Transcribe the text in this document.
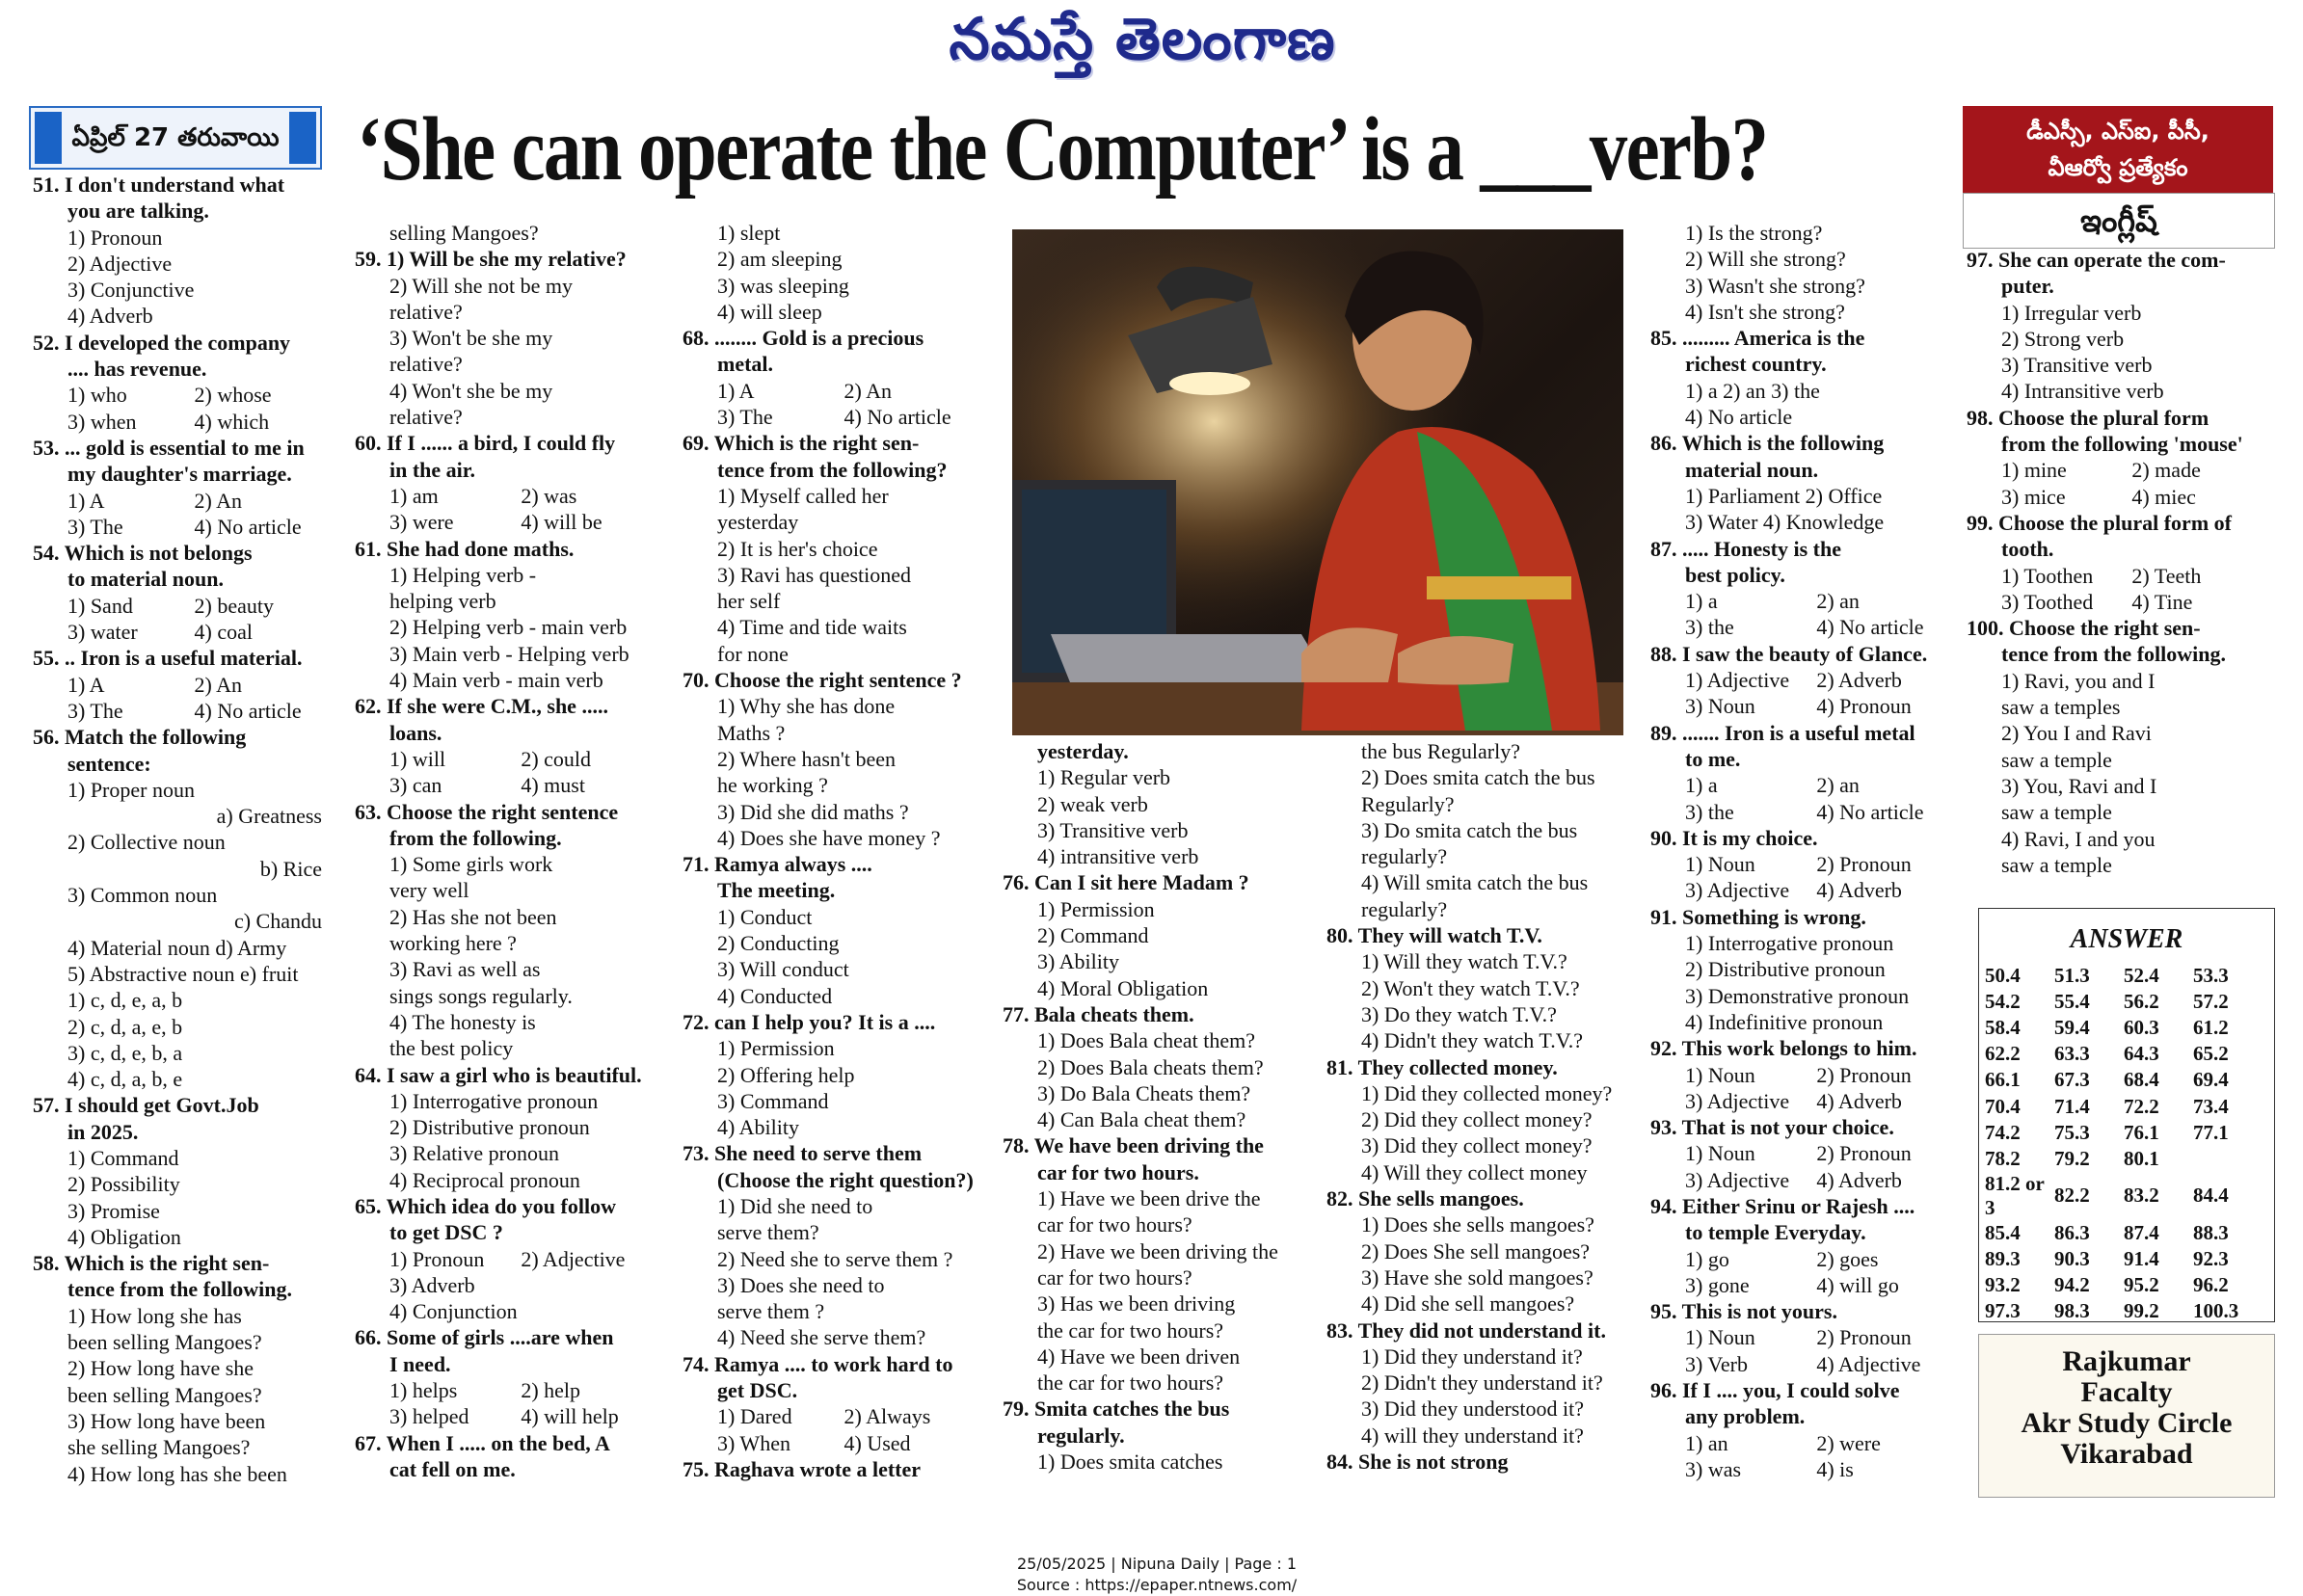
నమస్తే తెలంగాణ
ఏప్రిల్ 27 తరువాయి ‘She can operate the Computer’ is a ___verb?	డీఎస్సీ, ఎస్ఐ, పీసీ,
వీఆర్వో ప్రత్యేకం
ఇంగ్లీష్

51. I don't understand what

you are talking.

1) Pronoun

2) Adjective

3) Conjunctive

4) Adverb

52. I developed the company

.... has revenue.

1) who	2) whose

3) when	4) which

53. ... gold is essential to me in

my daughter's marriage.

1) A	2) An

3) The	4) No article

54. Which is not belongs

to material noun.

1) Sand	2) beauty

3) water	4) coal

55. .. Iron is a useful material.

1) A	2) An

3) The	4) No article

56. Match the following

sentence:

1) Proper noun

a) Greatness

2) Collective noun

b) Rice

3) Common noun

c) Chandu

4) Material noun d) Army

5) Abstractive noun e) fruit

1) c, d, e, a, b

2) c, d, a, e, b

3) c, d, e, b, a

4) c, d, a, b, e

57. I should get Govt.Job

in 2025.

1) Command

2) Possibility

3) Promise

4) Obligation

58. Which is the right sen-

tence from the following.

1) How long she has

been selling Mangoes?

2) How long have she

been selling Mangoes?

3) How long have been

she selling Mangoes?

4) How long has she been

selling Mangoes?

59. 1) Will be she my relative?

2) Will she not be my

relative?

3) Won't be she my

relative?

4) Won't she be my

relative?

60. If I ...... a bird, I could fly

in the air.

1) am	2) was

3) were	4) will be

61. She had done maths.

1) Helping verb -

helping verb

2) Helping verb - main verb

3) Main verb - Helping verb

4) Main verb - main verb

62. If she were C.M., she .....

loans.

1) will	2) could

3) can	4) must

63. Choose the right sentence

from the following.

1) Some girls work

very well

2) Has she not been

working here ?

3) Ravi as well as

sings songs regularly.

4) The honesty is

the best policy

64. I saw a girl who is beautiful.

1) Interrogative pronoun

2) Distributive pronoun

3) Relative pronoun

4) Reciprocal pronoun

65. Which idea do you follow

to get DSC ?

1) Pronoun	2) Adjective

3) Adverb

4) Conjunction

66. Some of girls ....are when

I need.

1) helps	2) help

3) helped	4) will help

67. When I ..... on the bed, A

cat fell on me.

1) slept

2) am sleeping

3) was sleeping

4) will sleep

68. ........ Gold is a precious

metal.

1) A	2) An

3) The	4) No article

69. Which is the right sen-

tence from the following?

1) Myself called her

yesterday

2) It is her's choice

3) Ravi has questioned

her self

4) Time and tide waits

for none

70. Choose the right sentence ?

1) Why she has done

Maths ?

2) Where hasn't been

he working ?

3) Did she did maths ?

4) Does she have money ?

71. Ramya always ....

The meeting.

1) Conduct

2) Conducting

3) Will conduct

4) Conducted

72. can I help you? It is a ....

1) Permission

2) Offering help

3) Command

4) Ability

73. She need to serve them

(Choose the right question?)

1) Did she need to

serve them?

2) Need she to serve them ?

3) Does she need to

serve them ?

4) Need she serve them?

74. Ramya .... to work hard to

get DSC.

1) Dared	2) Always

3) When	4) Used

75. Raghava wrote a letter

yesterday.

1) Regular verb

2) weak verb

3) Transitive verb

4) intransitive verb

76. Can I sit here Madam ?

1) Permission

2) Command

3) Ability

4) Moral Obligation

77. Bala cheats them.

1) Does Bala cheat them?

2) Does Bala cheats them?

3) Do Bala Cheats them?

4) Can Bala cheat them?

78. We have been driving the

car for two hours.

1) Have we been drive the

car for two hours?

2) Have we been driving the

car for two hours?

3) Has we been driving

the car for two hours?

4) Have we been driven

the car for two hours?

79. Smita catches the bus

regularly.

1) Does smita catches

the bus Regularly?

2) Does smita catch the bus

Regularly?

3) Do smita catch the bus

regularly?

4) Will smita catch the bus

regularly?

80. They will watch T.V.

1) Will they watch T.V.?

2) Won't they watch T.V.?

3) Do they watch T.V.?

4) Didn't they watch T.V.?

81. They collected money.

1) Did they collected money?

2) Did they collect money?

3) Did they collect money?

4) Will they collect money

82. She sells mangoes.

1) Does she sells mangoes?

2) Does She sell mangoes?

3) Have she sold mangoes?

4) Did she sell mangoes?

83. They did not understand it.

1) Did they understand it?

2) Didn't they understand it?

3) Did they understood it?

4) will they understand it?

84. She is not strong

1) Is the strong?

2) Will she strong?

3) Wasn't she strong?

4) Isn't she strong?

85. ......... America is the

richest country.

1) a 2) an 3) the

4) No article

86. Which is the following

material noun.

1) Parliament 2) Office

3) Water 4) Knowledge

87. ..... Honesty is the

best policy.

1) a	2) an

3) the	4) No article

88. I saw the beauty of Glance.

1) Adjective	2) Adverb

3) Noun	4) Pronoun

89. ....... Iron is a useful metal

to me.

1) a	2) an

3) the	4) No article

90. It is my choice.

1) Noun	2) Pronoun

3) Adjective	4) Adverb

91. Something is wrong.

1) Interrogative pronoun

2) Distributive pronoun

3) Demonstrative pronoun

4) Indefinitive pronoun

92. This work belongs to him.

1) Noun	2) Pronoun

3) Adjective	4) Adverb

93. That is not your choice.

1) Noun	2) Pronoun

3) Adjective	4) Adverb

94. Either Srinu or Rajesh ....

to temple Everyday.

1) go	2) goes

3) gone	4) will go

95. This is not yours.

1) Noun	2) Pronoun

3) Verb	4) Adjective

96. If I .... you, I could solve

any problem.

1) an	2) were

3) was	4) is

97. She can operate the com-

puter.

1) Irregular verb

2) Strong verb

3) Transitive verb

4) Intransitive verb

98. Choose the plural form

from the following 'mouse'

1) mine	2) made

3) mice	4) miec

99. Choose the plural form of

tooth.

1) Toothen	2) Teeth

3) Toothed	4) Tine

100. Choose the right sen-

tence from the following.

1) Ravi, you and I

saw a temples

2) You I and Ravi

saw a temple

3) You, Ravi and I

saw a temple

4) Ravi, I and you

saw a temple

ANSWER
50.4	51.3	52.4	53.3
54.2	55.4	56.2	57.2
58.4	59.4	60.3	61.2
62.2	63.3	64.3	65.2
66.1	67.3	68.4	69.4
70.4	71.4	72.2	73.4
74.2	75.3	76.1	77.1
78.2	79.2	80.1	
81.2 or 3	82.2	83.2	84.4
85.4	86.3	87.4	88.3
89.3	90.3	91.4	92.3
93.2	94.2	95.2	96.2
97.3	98.3	99.2	100.3

Rajkumar

Facalty

Akr Study Circle

Vikarabad

25/05/2025 | Nipuna Daily | Page : 1

Source : https://epaper.ntnews.com/
